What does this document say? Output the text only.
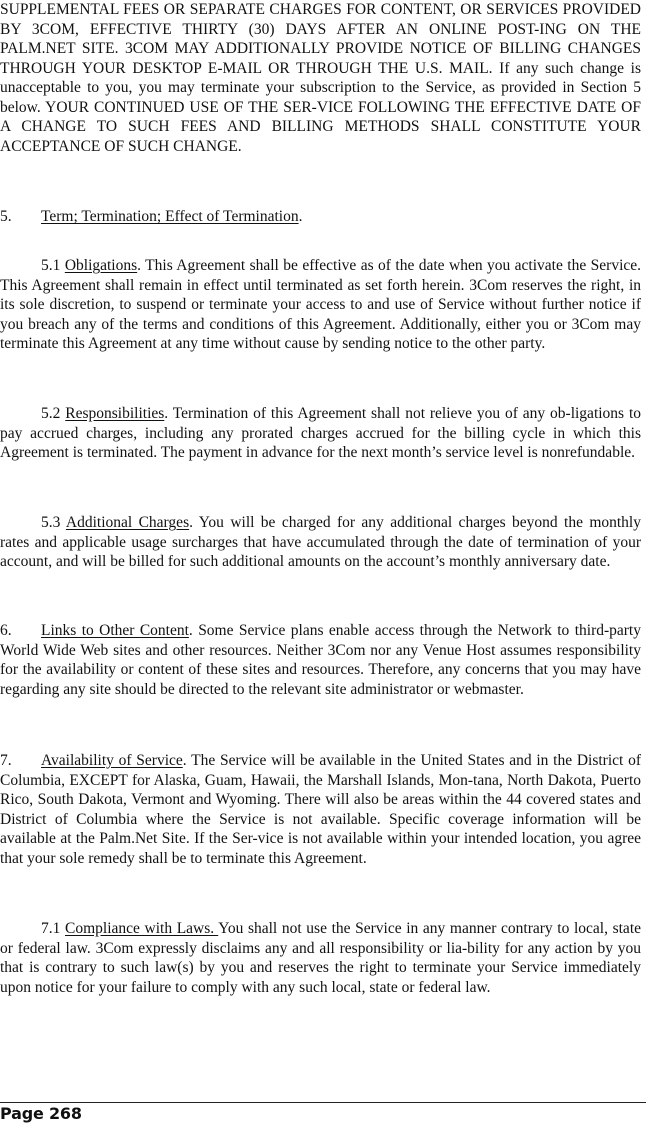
SUPPLEMENTAL FEES OR SEPARATE CHARGES FOR CONTENT, OR SERVICES PROVIDED BY 3COM, EFFECTIVE THIRTY (30) DAYS AFTER AN ONLINE POST-ING ON THE PALM.NET SITE. 3COM MAY ADDITIONALLY PROVIDE NOTICE OF BILLING CHANGES THROUGH YOUR DESKTOP E-MAIL OR THROUGH THE U.S. MAIL. If any such change is unacceptable to you, you may terminate your subscription to the Service, as provided in Section 5 below. YOUR CONTINUED USE OF THE SER-VICE FOLLOWING THE EFFECTIVE DATE OF A CHANGE TO SUCH FEES AND BILLING METHODS SHALL CONSTITUTE YOUR ACCEPTANCE OF SUCH CHANGE.

5. Term; Termination; Effect of Termination.

5.1 Obligations. This Agreement shall be effective as of the date when you activate the Service. This Agreement shall remain in effect until terminated as set forth herein. 3Com reserves the right, in its sole discretion, to suspend or terminate your access to and use of Service without further notice if you breach any of the terms and conditions of this Agreement. Additionally, either you or 3Com may terminate this Agreement at any time without cause by sending notice to the other party.

5.2 Responsibilities. Termination of this Agreement shall not relieve you of any ob-ligations to pay accrued charges, including any prorated charges accrued for the billing cycle in which this Agreement is terminated. The payment in advance for the next month’s service level is nonrefundable.

5.3 Additional Charges. You will be charged for any additional charges beyond the monthly rates and applicable usage surcharges that have accumulated through the date of termination of your account, and will be billed for such additional amounts on the account’s monthly anniversary date.

6. Links to Other Content. Some Service plans enable access through the Network to third-party World Wide Web sites and other resources. Neither 3Com nor any Venue Host assumes responsibility for the availability or content of these sites and resources. Therefore, any concerns that you may have regarding any site should be directed to the relevant site administrator or webmaster.

7. Availability of Service. The Service will be available in the United States and in the District of Columbia, EXCEPT for Alaska, Guam, Hawaii, the Marshall Islands, Mon-tana, North Dakota, Puerto Rico, South Dakota, Vermont and Wyoming. There will also be areas within the 44 covered states and District of Columbia where the Service is not available. Specific coverage information will be available at the Palm.Net Site. If the Ser-vice is not available within your intended location, you agree that your sole remedy shall be to terminate this Agreement.

7.1 Compliance with Laws. You shall not use the Service in any manner contrary to local, state or federal law. 3Com expressly disclaims any and all responsibility or lia-bility for any action by you that is contrary to such law(s) by you and reserves the right to terminate your Service immediately upon notice for your failure to comply with any such local, state or federal law.

Page 268
